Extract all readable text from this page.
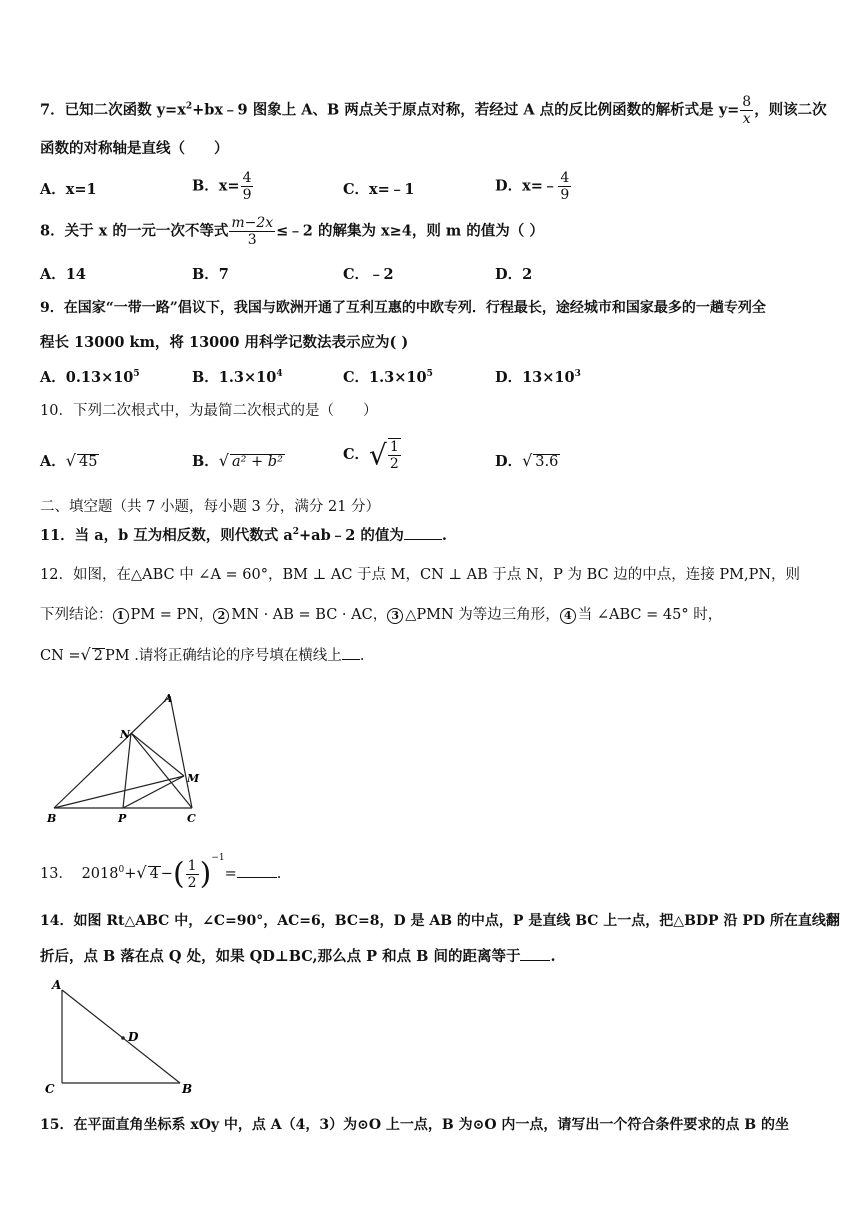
7．已知二次函数 $y=x^2+bx﹣9$ 图象上 A、B 两点关于原点对称，若经过 A 点的反比例函数的解析式是 $y= \frac{8}{x}$ ，则该二次
函数的对称轴是直线（　　）
A．x=1	B．$x= \frac{4}{9}$	C．x=﹣1	D．x=﹣ $\frac{4}{9}$
8．关于 x 的一元一次不等式 $\frac{m-2x}{3}$ ≤﹣2 的解集为 x≥4，则 m 的值为（ ）
A．14	B．7	C．﹣2	D．2
9．在国家“一带一路”倡议下，我国与欧洲开通了互利互惠的中欧专列．行程最长，途经城市和国家最多的一趟专列全
程长 13000 km，将 13000 用科学记数法表示应为( )
A．$0.13\times 10^5$	B．$1.3\times 10^4$	C．$1.3\times 10^5$	D．$13\times 10^3$
10．下列二次根式中，为最简二次根式的是（　　）
A．√ 45	B．√ a² + b²	C．√ $\frac{1}{2}$	D．√ 3.6
二、填空题（共 7 小题，每小题 3 分，满分 21 分）
11．当 a，b 互为相反数，则代数式 $a^2+ab﹣2$ 的值为	.
12．如图，在△ABC 中 ∠A = 60°，BM ⊥ AC 于点 M，CN ⊥ AB 于点 N，P 为 BC 边的中点，连接 PM,PN，则
下列结论： 1 PM = PN， 2 MN · AB = BC · AC， 3 △PMN 为等边三角形， 4 当 ∠ABC = 45° 时，
CN =√ 2 PM .请将正确结论的序号填在横线上 .
A
N
M
B	P	C
13． $2018^0+√$ 4 −( $\frac{1}{2} )^{-1}=$	.
14．如图 Rt△ABC 中，∠C=90°，AC=6，BC=8，D 是 AB 的中点，P 是直线 BC 上一点，把△BDP 沿 PD 所在直线翻
折后，点 B 落在点 Q 处，如果 QD⊥BC,那么点 P 和点 B 间的距离等于 .
A
D
C	B
15．在平面直角坐标系 xOy 中，点 A（4，3）为⊙O 上一点，B 为⊙O 内一点，请写出一个符合条件要求的点 B 的坐
